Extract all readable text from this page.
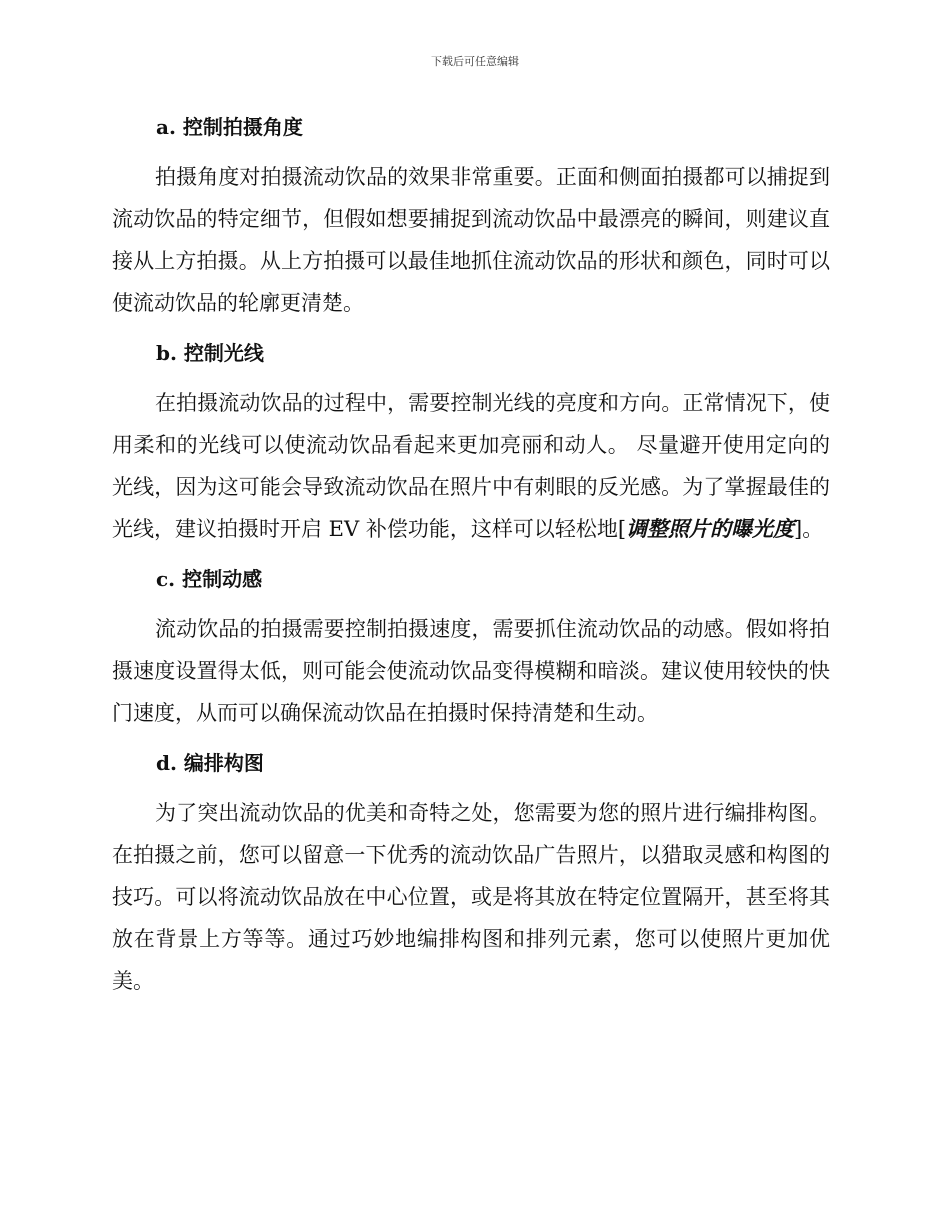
下载后可任意编辑

a. 控制拍摄角度

拍摄角度对拍摄流动饮品的效果非常重要。正面和侧面拍摄都可以捕捉到流动饮品的特定细节，但假如想要捕捉到流动饮品中最漂亮的瞬间，则建议直接从上方拍摄。从上方拍摄可以最佳地抓住流动饮品的形状和颜色，同时可以使流动饮品的轮廓更清楚。

b. 控制光线

在拍摄流动饮品的过程中，需要控制光线的亮度和方向。正常情况下，使用柔和的光线可以使流动饮品看起来更加亮丽和动人。 尽量避开使用定向的光线，因为这可能会导致流动饮品在照片中有刺眼的反光感。为了掌握最佳的光线，建议拍摄时开启 EV 补偿功能，这样可以轻松地[调整照片的曝光度]。

c. 控制动感

流动饮品的拍摄需要控制拍摄速度，需要抓住流动饮品的动感。假如将拍摄速度设置得太低，则可能会使流动饮品变得模糊和暗淡。建议使用较快的快门速度，从而可以确保流动饮品在拍摄时保持清楚和生动。

d. 编排构图

为了突出流动饮品的优美和奇特之处，您需要为您的照片进行编排构图。在拍摄之前，您可以留意一下优秀的流动饮品广告照片，以猎取灵感和构图的技巧。可以将流动饮品放在中心位置，或是将其放在特定位置隔开，甚至将其放在背景上方等等。通过巧妙地编排构图和排列元素，您可以使照片更加优美。
